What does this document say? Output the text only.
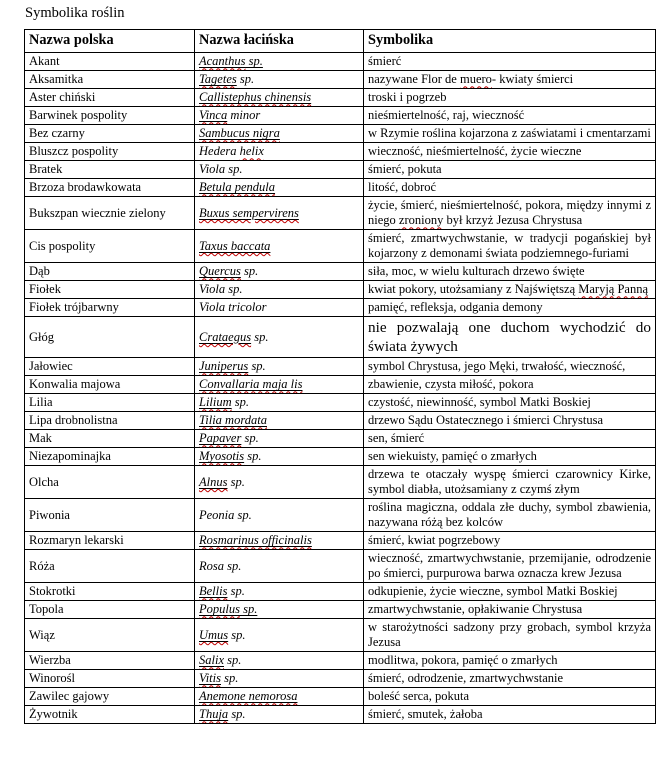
Symbolika roślin
Nazwa polska	Nazwa łacińska	Symbolika
Akant	Acanthus sp.	śmierć
Aksamitka	Tagetes sp.	nazywane Flor de muero- kwiaty śmierci
Aster chiński	Callistephus chinensis	troski i pogrzeb
Barwinek pospolity	Vinca minor	nieśmiertelność, raj, wieczność
Bez czarny	Sambucus nigra	w Rzymie roślina kojarzona z zaświatami i cmentarzami
Bluszcz pospolity	Hedera helix	wieczność, nieśmiertelność, życie wieczne
Bratek	Viola sp.	śmierć, pokuta
Brzoza brodawkowata	Betula pendula	litość, dobroć
Bukszpan wiecznie zielony	Buxus sempervirens	życie, śmierć, nieśmiertelność, pokora, między innymi z niego zroniony był krzyż Jezusa Chrystusa
Cis pospolity	Taxus baccata	śmierć, zmartwychwstanie, w tradycji pogańskiej był kojarzony z demonami świata podziemnego-furiami
Dąb	Quercus sp.	siła, moc, w wielu kulturach drzewo święte
Fiołek	Viola sp.	kwiat pokory, utożsamiany z Najświętszą Maryją Panną
Fiołek trójbarwny	Viola tricolor	pamięć, refleksja, odgania demony
Głóg	Crataegus sp.	nie pozwalają one duchom wychodzić do świata żywych
Jałowiec	Juniperus sp.	symbol Chrystusa, jego Męki, trwałość, wieczność,
Konwalia majowa	Convallaria maja lis	zbawienie, czysta miłość, pokora
Lilia	Lilium sp.	czystość, niewinność, symbol Matki Boskiej
Lipa drobnolistna	Tilia mordata	drzewo Sądu Ostatecznego i śmierci Chrystusa
Mak	Papaver sp.	sen, śmierć
Niezapominajka	Myosotis sp.	sen wiekuisty, pamięć o zmarłych
Olcha	Alnus sp.	drzewa te otaczały wyspę śmierci czarownicy Kirke, symbol diabła, utożsamiany z czymś złym
Piwonia	Peonia sp.	roślina magiczna, oddala złe duchy, symbol zbawienia, nazywana różą bez kolców
Rozmaryn lekarski	Rosmarinus officinalis	śmierć, kwiat pogrzebowy
Róża	Rosa sp.	wieczność, zmartwychwstanie, przemijanie, odrodzenie po śmierci, purpurowa barwa oznacza krew Jezusa
Stokrotki	Bellis sp.	odkupienie, życie wieczne, symbol Matki Boskiej
Topola	Populus sp.	zmartwychwstanie, opłakiwanie Chrystusa
Wiąz	Umus sp.	w starożytności sadzony przy grobach, symbol krzyża Jezusa
Wierzba	Salix sp.	modlitwa, pokora, pamięć o zmarłych
Winorośl	Vitis sp.	śmierć, odrodzenie, zmartwychwstanie
Zawilec gajowy	Anemone nemorosa	boleść serca, pokuta
Żywotnik	Thuja sp.	śmierć, smutek, żałoba
